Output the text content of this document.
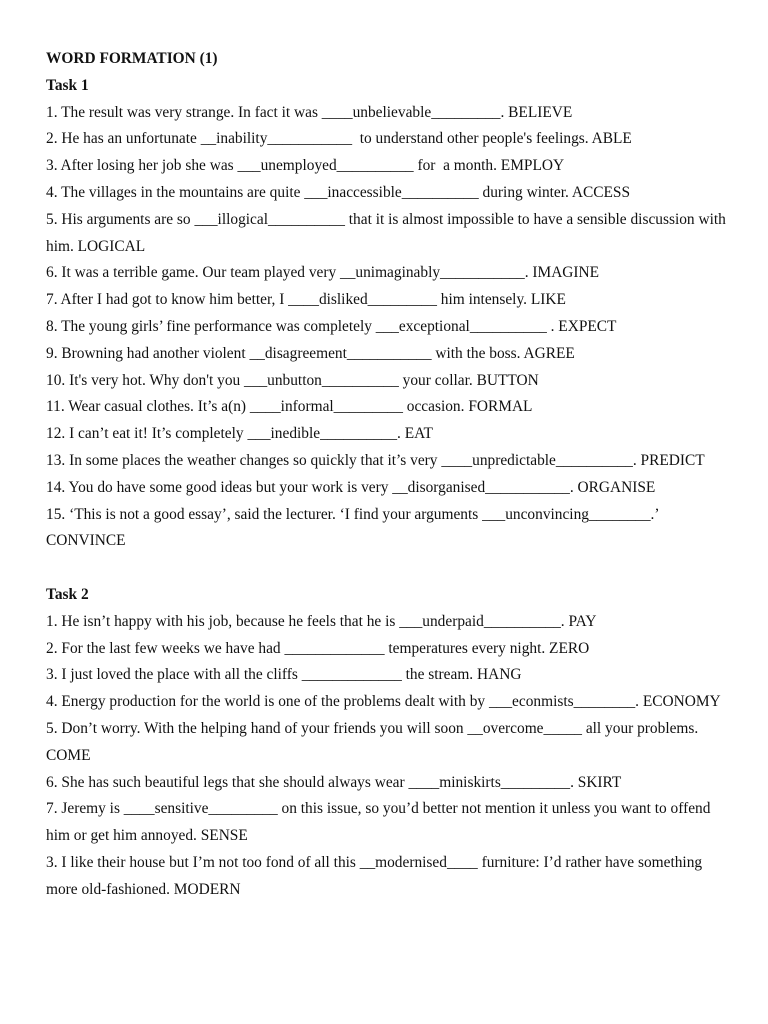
WORD FORMATION (1)

Task 1

1. The result was very strange. In fact it was ____unbelievable_________. BELIEVE

2. He has an unfortunate __inability___________  to understand other people's feelings. ABLE

3. After losing her job she was ___unemployed__________ for  a month. EMPLOY

4. The villages in the mountains are quite ___inaccessible__________ during winter. ACCESS

5. His arguments are so ___illogical__________ that it is almost impossible to have a sensible discussion with him. LOGICAL

6. It was a terrible game. Our team played very __unimaginably___________. IMAGINE

7. After I had got to know him better, I ____disliked_________ him intensely. LIKE

8. The young girls’ fine performance was completely ___exceptional__________ . EXPECT

9. Browning had another violent __disagreement___________ with the boss. AGREE

10. It's very hot. Why don't you ___unbutton__________ your collar. BUTTON

11. Wear casual clothes. It’s a(n) ____informal_________ occasion. FORMAL

12. I can’t eat it! It’s completely ___inedible__________. EAT

13. In some places the weather changes so quickly that it’s very ____unpredictable__________. PREDICT

14. You do have some good ideas but your work is very __disorganised___________. ORGANISE

15. ‘This is not a good essay’, said the lecturer. ‘I find your arguments ___unconvincing________.’ CONVINCE

Task 2

1. He isn’t happy with his job, because he feels that he is ___underpaid__________. PAY

2. For the last few weeks we have had _____________ temperatures every night. ZERO

3. I just loved the place with all the cliffs _____________ the stream. HANG

4. Energy production for the world is one of the problems dealt with by ___econmists________. ECONOMY

5. Don’t worry. With the helping hand of your friends you will soon __overcome_____ all your problems. COME

6. She has such beautiful legs that she should always wear ____miniskirts_________. SKIRT

7. Jeremy is ____sensitive_________ on this issue, so you’d better not mention it unless you want to offend him or get him annoyed. SENSE

3. I like their house but I’m not too fond of all this __modernised____ furniture: I’d rather have something more old-fashioned. MODERN
